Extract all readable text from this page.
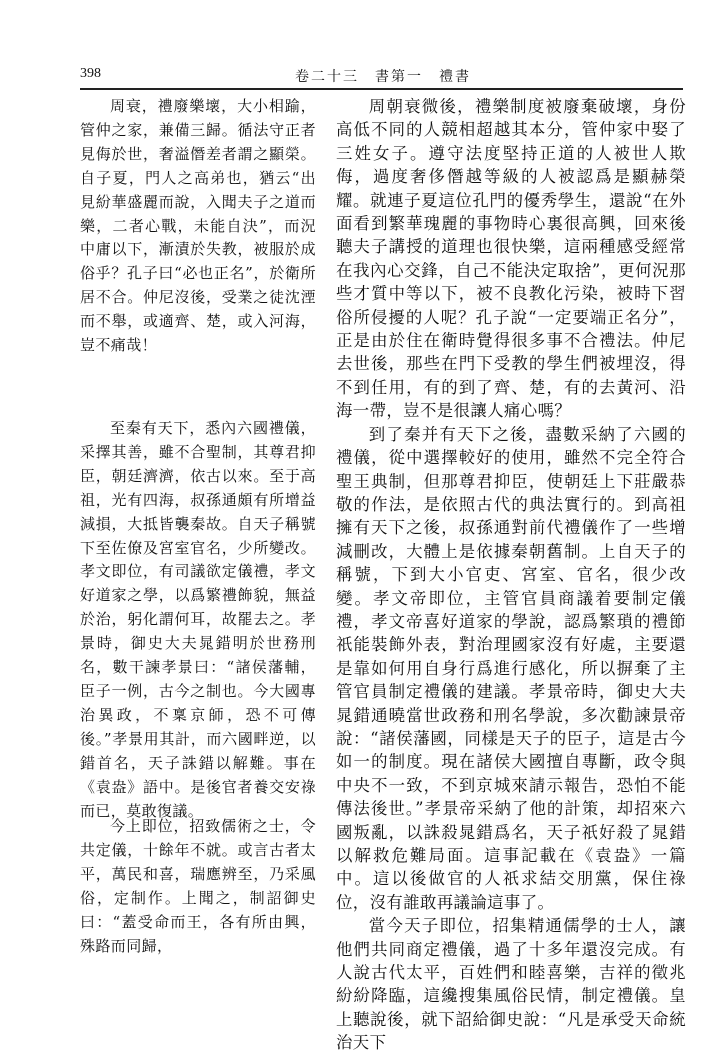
398	卷二十三　書第一　禮書

周衰，禮廢樂壞，大小相踰，管仲之家，兼備三歸。循法守正者見侮於世，奢溢僭差者謂之顯榮。自子夏，門人之高弟也，猶云“出見紛華盛麗而說，入聞夫子之道而樂，二者心戰，未能自決”，而況中庸以下，漸漬於失教，被服於成俗乎？孔子曰“必也正名”，於衛所居不合。仲尼沒後，受業之徒沈湮而不舉，或適齊、楚，或入河海，豈不痛哉！

至秦有天下，悉內六國禮儀，采擇其善，雖不合聖制，其尊君抑臣，朝廷濟濟，依古以來。至于高祖，光有四海，叔孫通頗有所增益減損，大抵皆襲秦故。自天子稱號下至佐僚及宮室官名，少所變改。孝文即位，有司議欲定儀禮，孝文好道家之學，以爲繁禮飾貌，無益於治，躬化謂何耳，故罷去之。孝景時，御史大夫晁錯明於世務刑名，數干諫孝景曰：“諸侯藩輔，臣子一例，古今之制也。今大國專治異政，不稟京師，恐不可傳後。”孝景用其計，而六國畔逆，以錯首名，天子誅錯以解難。事在《袁盎》語中。是後官者養交安祿而已，莫敢復議。

今上即位，招致儒術之士，令共定儀，十餘年不就。或言古者太平，萬民和喜，瑞應辨至，乃采風俗，定制作。上聞之，制詔御史曰：“蓋受命而王，各有所由興，殊路而同歸，

周朝衰微後，禮樂制度被廢棄破壞，身份高低不同的人競相超越其本分，管仲家中娶了三姓女子。遵守法度堅持正道的人被世人欺侮，過度奢侈僭越等級的人被認爲是顯赫榮耀。就連子夏這位孔門的優秀學生，還說“在外面看到繁華瑰麗的事物時心裏很高興，回來後聽夫子講授的道理也很快樂，這兩種感受經常在我內心交鋒，自己不能決定取捨”，更何況那些才質中等以下，被不良教化污染，被時下習俗所侵擾的人呢？孔子說“一定要端正名分”，正是由於住在衛時覺得很多事不合禮法。仲尼去世後，那些在門下受教的學生們被埋沒，得不到任用，有的到了齊、楚，有的去黃河、沿海一帶，豈不是很讓人痛心嗎？

到了秦并有天下之後，盡數采納了六國的禮儀，從中選擇較好的使用，雖然不完全符合聖王典制，但那尊君抑臣，使朝廷上下莊嚴恭敬的作法，是依照古代的典法實行的。到高祖擁有天下之後，叔孫通對前代禮儀作了一些增減刪改，大體上是依據秦朝舊制。上自天子的稱號，下到大小官吏、宮室、官名，很少改變。孝文帝即位，主管官員商議着要制定儀禮，孝文帝喜好道家的學說，認爲繁瑣的禮節祇能裝飾外表，對治理國家沒有好處，主要還是靠如何用自身行爲進行感化，所以摒棄了主管官員制定禮儀的建議。孝景帝時，御史大夫晁錯通曉當世政務和刑名學說，多次勸諫景帝說：“諸侯藩國，同樣是天子的臣子，這是古今如一的制度。現在諸侯大國擅自專斷，政令與中央不一致，不到京城來請示報告，恐怕不能傳法後世。”孝景帝采納了他的計策，却招來六國叛亂，以誅殺晁錯爲名，天子祇好殺了晁錯以解救危難局面。這事記載在《袁盎》一篇中。這以後做官的人祇求結交朋黨，保住祿位，沒有誰敢再議論這事了。

當今天子即位，招集精通儒學的士人，讓他們共同商定禮儀，過了十多年還沒完成。有人說古代太平，百姓們和睦喜樂，吉祥的徵兆紛紛降臨，這纔搜集風俗民情，制定禮儀。皇上聽說後，就下詔給御史說：“凡是承受天命統治天下
